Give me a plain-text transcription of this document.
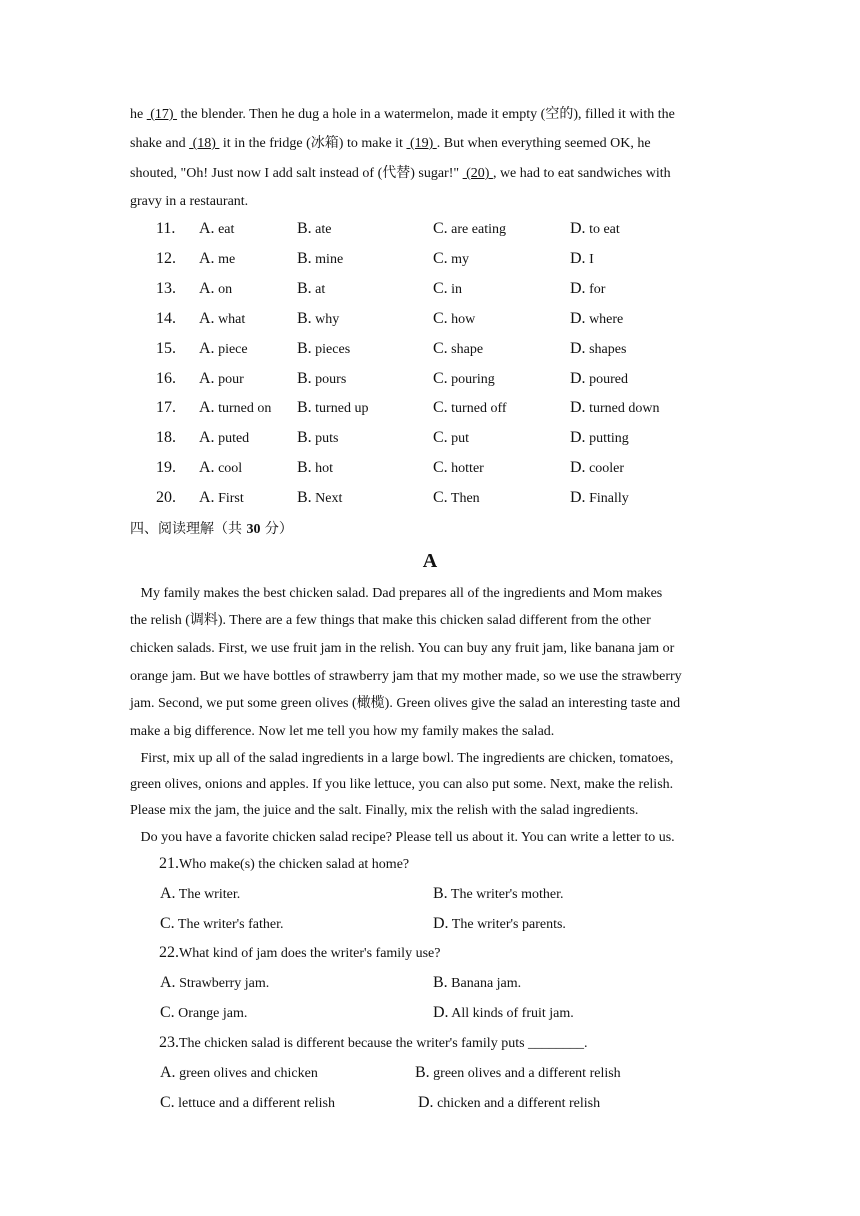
he  (17)  the blender. Then he dug a hole in a watermelon, made it empty (空的), filled it with the
shake and  (18)  it in the fridge (冰箱) to make it  (19) . But when everything seemed OK, he
shouted, "Oh! Just now I add salt instead of (代替) sugar!"  (20) , we had to eat sandwiches with
gravy in a restaurant.
11. A. eat	B. ate	C. are eating	D. to eat
12. A. me	B. mine	C. my	D. I
13. A. on	B. at	C. in	D. for
14. A. what	B. why	C. how	D. where
15. A. piece	B. pieces	C. shape	D. shapes
16. A. pour	B. pours	C. pouring	D. poured
17. A. turned on B. turned up	C. turned off	D. turned down
18. A. puted	B. puts	C. put	D. putting
19. A. cool	B. hot	C. hotter	D. cooler
20. A. First	B. Next	C. Then	D. Finally
四、阅读理解（共 30 分）
A
My family makes the best chicken salad. Dad prepares all of the ingredients and Mom makes
the relish (调料). There are a few things that make this chicken salad different from the other
chicken salads. First, we use fruit jam in the relish. You can buy any fruit jam, like banana jam or
orange jam. But we have bottles of strawberry jam that my mother made, so we use the strawberry
jam. Second, we put some green olives (橄榄). Green olives give the salad an interesting taste and
make a big difference. Now let me tell you how my family makes the salad.
First, mix up all of the salad ingredients in a large bowl. The ingredients are chicken, tomatoes,
green olives, onions and apples. If you like lettuce, you can also put some. Next, make the relish.
Please mix the jam, the juice and the salt. Finally, mix the relish with the salad ingredients.
Do you have a favorite chicken salad recipe? Please tell us about it. You can write a letter to us.
21.Who make(s) the chicken salad at home?
A. The writer.	B. The writer's mother.
C. The writer's father.	D. The writer's parents.
22.What kind of jam does the writer's family use?
A. Strawberry jam.	B. Banana jam.
C. Orange jam.	D. All kinds of fruit jam.
23.The chicken salad is different because the writer's family puts ________.
A. green olives and chicken	B. green olives and a different relish
C. lettuce and a different relish	D. chicken and a different relish
